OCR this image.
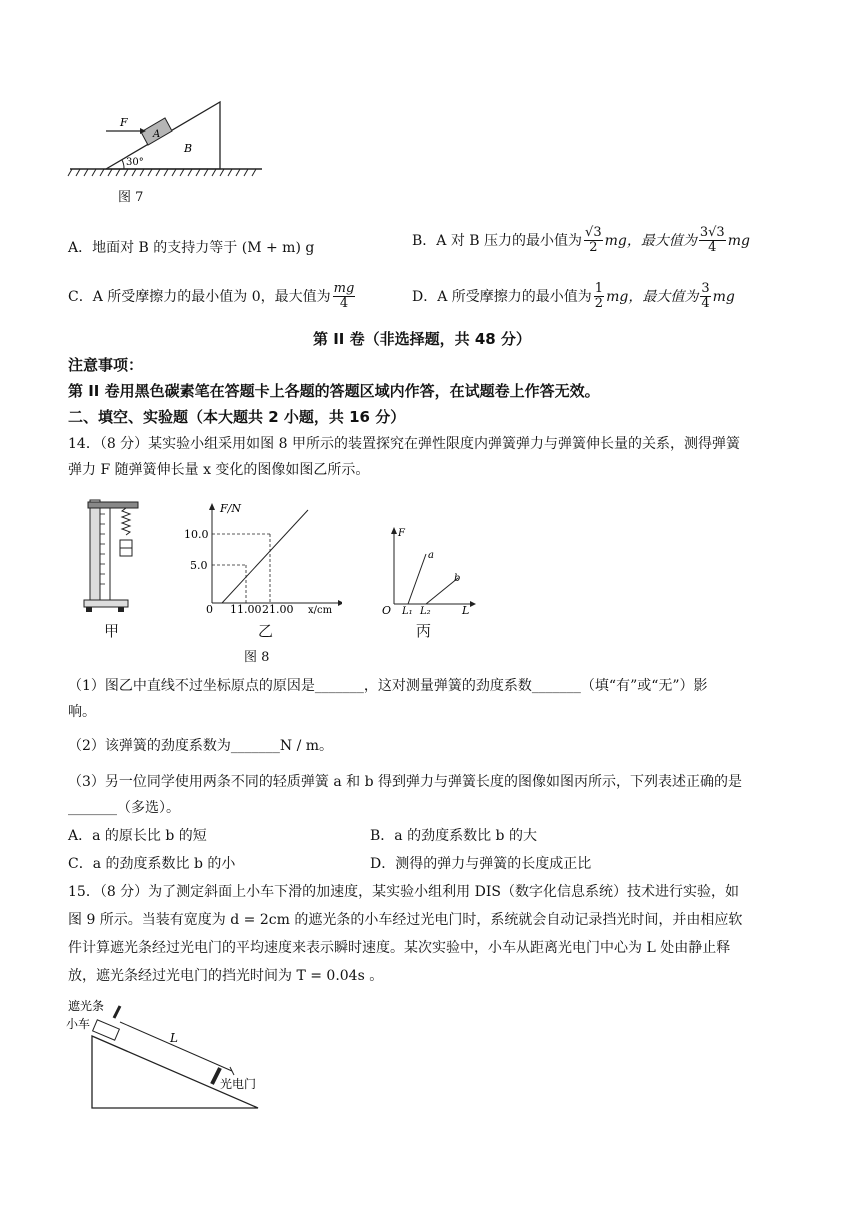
30°
A
B
F
图 7
A．地面对 B 的支持力等于 (M + m) g	B．A 对 B 压力的最小值为 $\frac{√3}{2}$ mg，最大值为 $\frac{3√3}{4}$ mg
C．A 所受摩擦力的最小值为 0，最大值为 $\frac{mg}{4}$	D．A 所受摩擦力的最小值为 $\frac{1}{2}$ mg，最大值为 $\frac{3}{4}$ mg
第 II 卷（非选择题，共 48 分）
注意事项：
第 II 卷用黑色碳素笔在答题卡上各题的答题区域内作答，在试题卷上作答无效。
二、填空、实验题（本大题共 2 小题，共 16 分）
14．（8 分）某实验小组采用如图 8 甲所示的装置探究在弹性限度内弹簧弹力与弹簧伸长量的关系，测得弹簧
弹力 F 随弹簧伸长量 x 变化的图像如图乙所示。
F/N
x/cm
10.0
5.0
0 11.00 21.00
F
L
O
a
b
L₁ L₂
甲	乙	丙
图 8
（1）图乙中直线不过坐标原点的原因是_______，这对测量弹簧的劲度系数_______（填“有”或“无”）影
响。
（2）该弹簧的劲度系数为_______N / m。
（3）另一位同学使用两条不同的轻质弹簧 a 和 b 得到弹力与弹簧长度的图像如图丙所示，下列表述正确的是
_______（多选）。
A．a 的原长比 b 的短	B．a 的劲度系数比 b 的大
C．a 的劲度系数比 b 的小	D．测得的弹力与弹簧的长度成正比
15．（8 分）为了测定斜面上小车下滑的加速度，某实验小组利用 DIS（数字化信息系统）技术进行实验，如
图 9 所示。当装有宽度为 d = 2cm 的遮光条的小车经过光电门时，系统就会自动记录挡光时间，并由相应软
件计算遮光条经过光电门的平均速度来表示瞬时速度。某次实验中，小车从距离光电门中心为 L 处由静止释
放，遮光条经过光电门的挡光时间为 T = 0.04s 。
遮光条
小车
L
光电门
